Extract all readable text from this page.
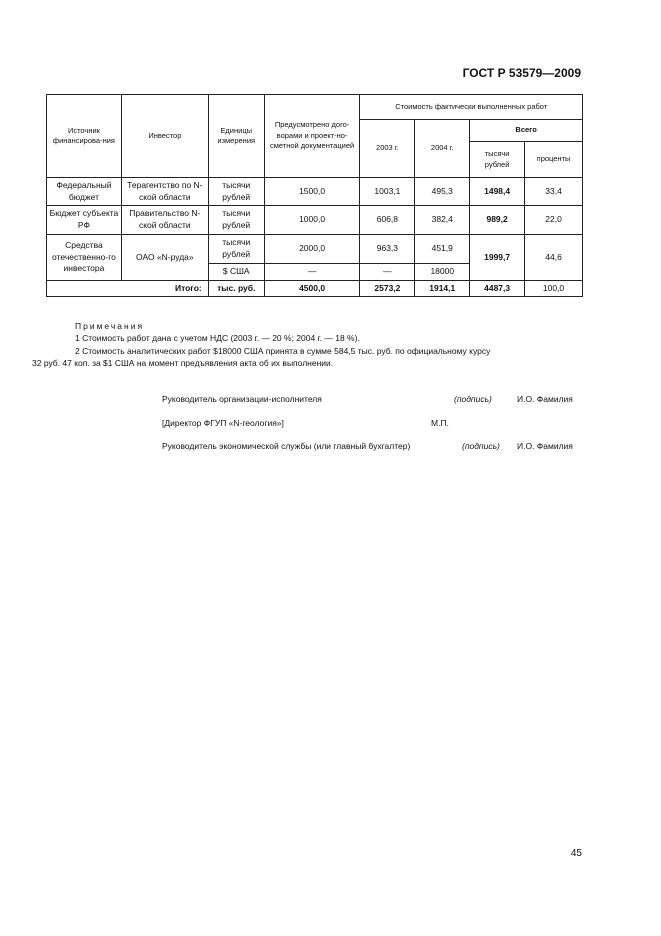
ГОСТ Р 53579—2009
Источник финансирова-ния	Инвестор	Единицы измерения	Предусмотрено дого-ворами и проект-но-сметной документацией	Стоимость фактически выполненных работ			
				2003 г.	2004 г.	Всего	
						тысячи рублей	проценты
Федеральный бюджет	Терагентство по N-ской области	тысячи рублей	1500,0	1003,1	495,3	1498,4	33,4
Бюджет субъекта РФ	Правительство N-ской области	тысячи рублей	1000,0	606,8	382,4	989,2	22,0
Средства отечественно-го инвестора	ОАО «N-руда»	тысячи рублей	2000,0	963,3	451,9	1999,7	44,6
		$ США	—	—	18000		
Итого:		тыс. руб.	4500,0	2573,2	1914,1	4487,3	100,0
Примечания
1 Стоимость работ дана с учетом НДС (2003 г. — 20 %; 2004 г. — 18 %).
2 Стоимость аналитических работ $18000 США принята в сумме 584,5 тыс. руб. по официальному курсу
32 руб. 47 коп. за $1 США на момент предъявления акта об их выполнении.
Руководитель организации-исполнителя	(подпись)	И.О. Фамилия
[Директор ФГУП «N-геология»]	М.П.
Руководитель экономической службы (или главный бухгалтер)	(подпись) И.О. Фамилия
45
